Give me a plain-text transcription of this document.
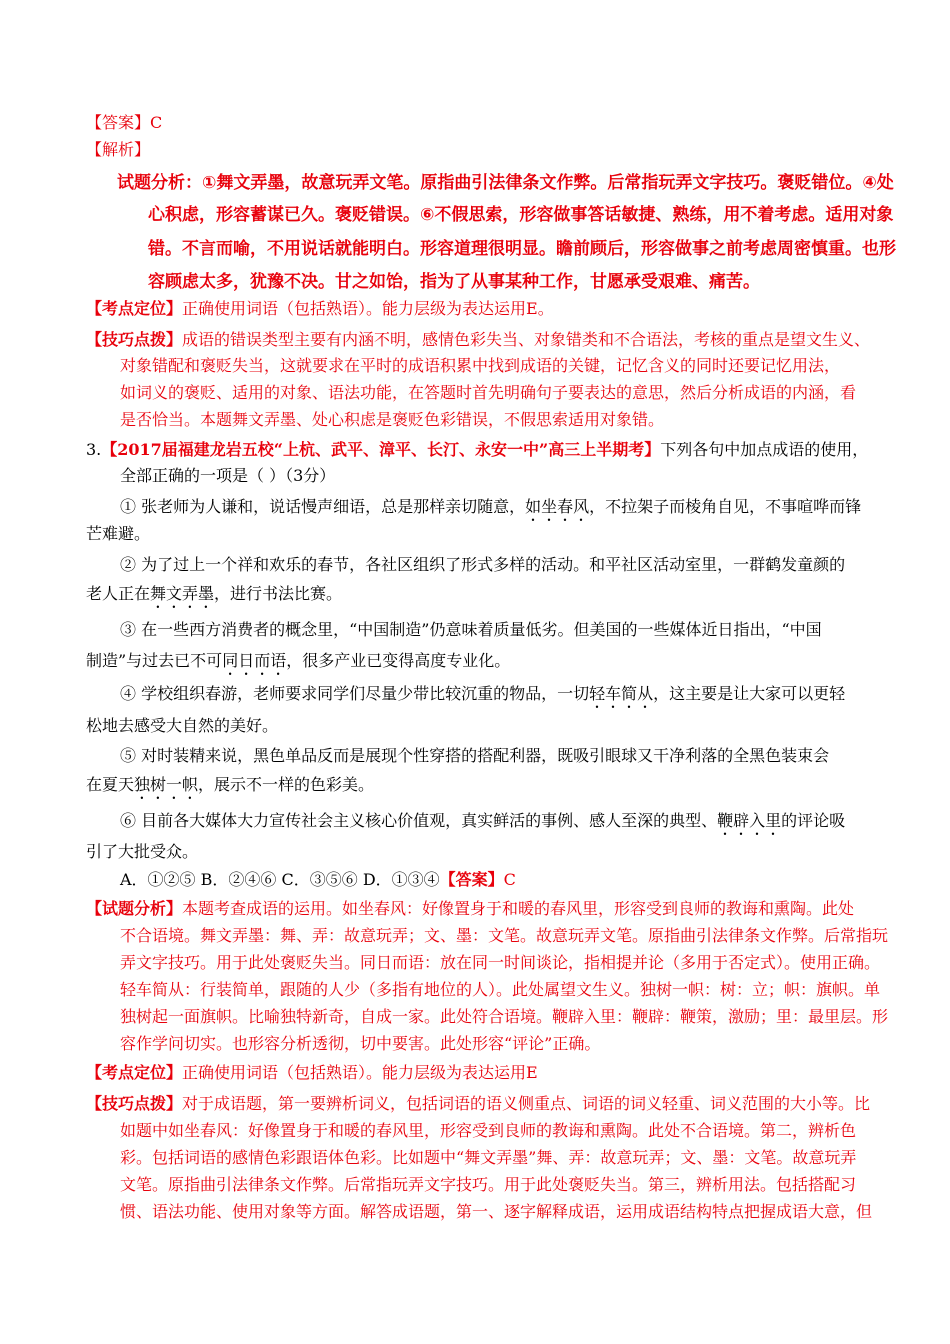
【答案】C
【解析】
试题分析：①舞文弄墨，故意玩弄文笔。原指曲引法律条文作弊。后常指玩弄文字技巧。褒贬错位。④处
心积虑，形容蓄谋已久。褒贬错误。⑥不假思索，形容做事答话敏捷、熟练，用不着考虑。适用对象
错。不言而喻，不用说话就能明白。形容道理很明显。瞻前顾后，形容做事之前考虑周密慎重。也形
容顾虑太多，犹豫不决。甘之如饴，指为了从事某种工作，甘愿承受艰难、痛苦。
【考点定位】正确使用词语（包括熟语）。能力层级为表达运用E。
【技巧点拨】成语的错误类型主要有内涵不明，感情色彩失当、对象错类和不合语法，考核的重点是望文生义、
对象错配和褒贬失当，这就要求在平时的成语积累中找到成语的关键，记忆含义的同时还要记忆用法，
如词义的褒贬、适用的对象、语法功能，在答题时首先明确句子要表达的意思，然后分析成语的内涵，看
是否恰当。本题舞文弄墨、处心积虑是褒贬色彩错误，不假思索适用对象错。
3.【2017届福建龙岩五校“上杭、武平、漳平、长汀、永安一中”高三上半期考】下列各句中加点成语的使用，
全部正确的一项是（ ）（3分）
① 张老师为人谦和，说话慢声细语，总是那样亲切随意，如坐春风，不拉架子而棱角自见，不事喧哗而锋
芒难避。
② 为了过上一个祥和欢乐的春节，各社区组织了形式多样的活动。和平社区活动室里，一群鹤发童颜的
老人正在舞文弄墨，进行书法比赛。
③ 在一些西方消费者的概念里，“中国制造”仍意味着质量低劣。但美国的一些媒体近日指出，“中国
制造”与过去已不可同日而语，很多产业已变得高度专业化。
④ 学校组织春游，老师要求同学们尽量少带比较沉重的物品，一切轻车简从，这主要是让大家可以更轻
松地去感受大自然的美好。
⑤ 对时装精来说，黑色单品反而是展现个性穿搭的搭配利器，既吸引眼球又干净利落的全黑色装束会
在夏天独树一帜，展示不一样的色彩美。
⑥ 目前各大媒体大力宣传社会主义核心价值观，真实鲜活的事例、感人至深的典型、鞭辟入里的评论吸
引了大批受众。
A．①②⑤ B．②④⑥ C．③⑤⑥ D．①③④【答案】C
【试题分析】本题考查成语的运用。如坐春风：好像置身于和暖的春风里，形容受到良师的教诲和熏陶。此处
不合语境。舞文弄墨：舞、弄：故意玩弄；文、墨：文笔。故意玩弄文笔。原指曲引法律条文作弊。后常指玩
弄文字技巧。用于此处褒贬失当。同日而语：放在同一时间谈论，指相提并论（多用于否定式）。使用正确。
轻车简从：行装简单，跟随的人少（多指有地位的人）。此处属望文生义。独树一帜：树：立；帜：旗帜。单
独树起一面旗帜。比喻独特新奇，自成一家。此处符合语境。鞭辟入里：鞭辟：鞭策，激励；里：最里层。形
容作学问切实。也形容分析透彻，切中要害。此处形容“评论”正确。
【考点定位】正确使用词语（包括熟语）。能力层级为表达运用E
【技巧点拨】对于成语题，第一要辨析词义，包括词语的语义侧重点、词语的词义轻重、词义范围的大小等。比
如题中如坐春风：好像置身于和暖的春风里，形容受到良师的教诲和熏陶。此处不合语境。第二，辨析色
彩。包括词语的感情色彩跟语体色彩。比如题中“舞文弄墨”舞、弄：故意玩弄；文、墨：文笔。故意玩弄
文笔。原指曲引法律条文作弊。后常指玩弄文字技巧。用于此处褒贬失当。第三，辨析用法。包括搭配习
惯、语法功能、使用对象等方面。解答成语题，第一、逐字解释成语，运用成语结构特点把握成语大意，但
